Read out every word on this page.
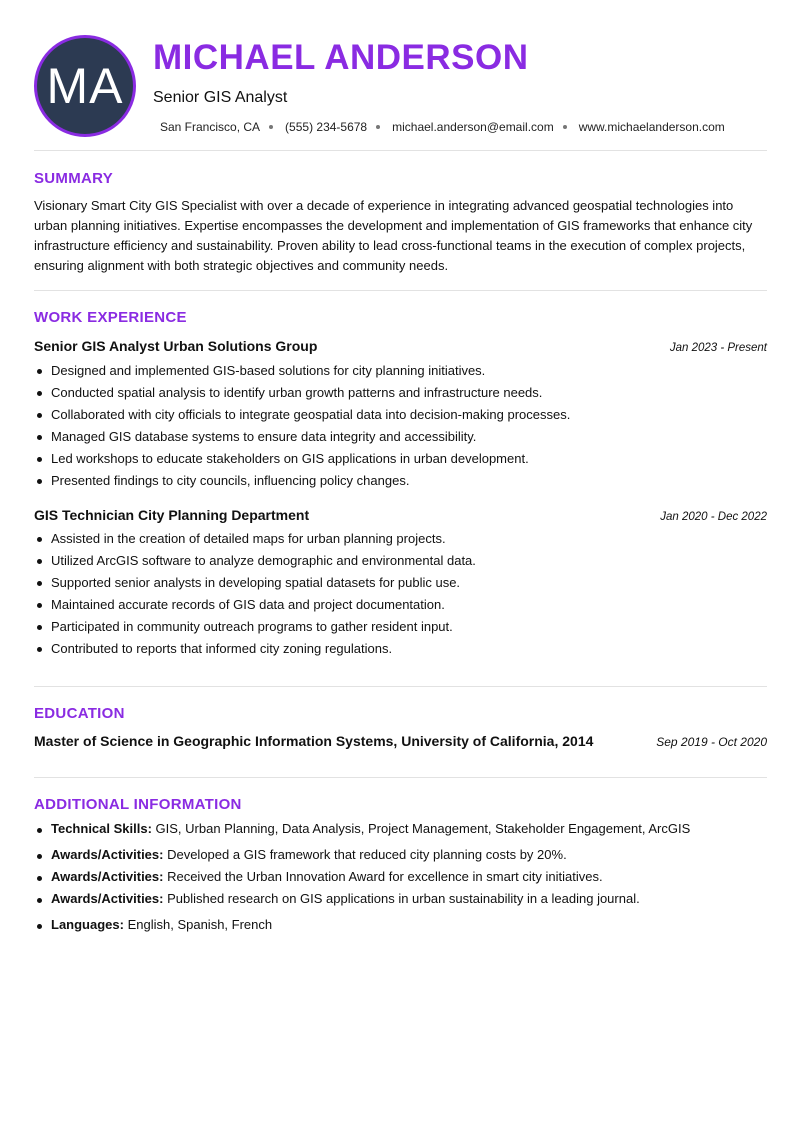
MA
MICHAEL ANDERSON
Senior GIS Analyst
San Francisco, CA (555) 234-5678 michael.anderson@email.com www.michaelanderson.com
SUMMARY
Visionary Smart City GIS Specialist with over a decade of experience in integrating advanced geospatial technologies into urban planning initiatives. Expertise encompasses the development and implementation of GIS frameworks that enhance city infrastructure efficiency and sustainability. Proven ability to lead cross-functional teams in the execution of complex projects, ensuring alignment with both strategic objectives and community needs.
WORK EXPERIENCE
Senior GIS Analyst Urban Solutions Group	Jan 2023 - Present
Designed and implemented GIS-based solutions for city planning initiatives.
Conducted spatial analysis to identify urban growth patterns and infrastructure needs.
Collaborated with city officials to integrate geospatial data into decision-making processes.
Managed GIS database systems to ensure data integrity and accessibility.
Led workshops to educate stakeholders on GIS applications in urban development.
Presented findings to city councils, influencing policy changes.
GIS Technician City Planning Department	Jan 2020 - Dec 2022
Assisted in the creation of detailed maps for urban planning projects.
Utilized ArcGIS software to analyze demographic and environmental data.
Supported senior analysts in developing spatial datasets for public use.
Maintained accurate records of GIS data and project documentation.
Participated in community outreach programs to gather resident input.
Contributed to reports that informed city zoning regulations.
EDUCATION
Master of Science in Geographic Information Systems, University of California, 2014	Sep 2019 - Oct 2020
ADDITIONAL INFORMATION
Technical Skills: GIS, Urban Planning, Data Analysis, Project Management, Stakeholder Engagement, ArcGIS
Awards/Activities: Developed a GIS framework that reduced city planning costs by 20%.
Awards/Activities: Received the Urban Innovation Award for excellence in smart city initiatives.
Awards/Activities: Published research on GIS applications in urban sustainability in a leading journal.
Languages: English, Spanish, French
